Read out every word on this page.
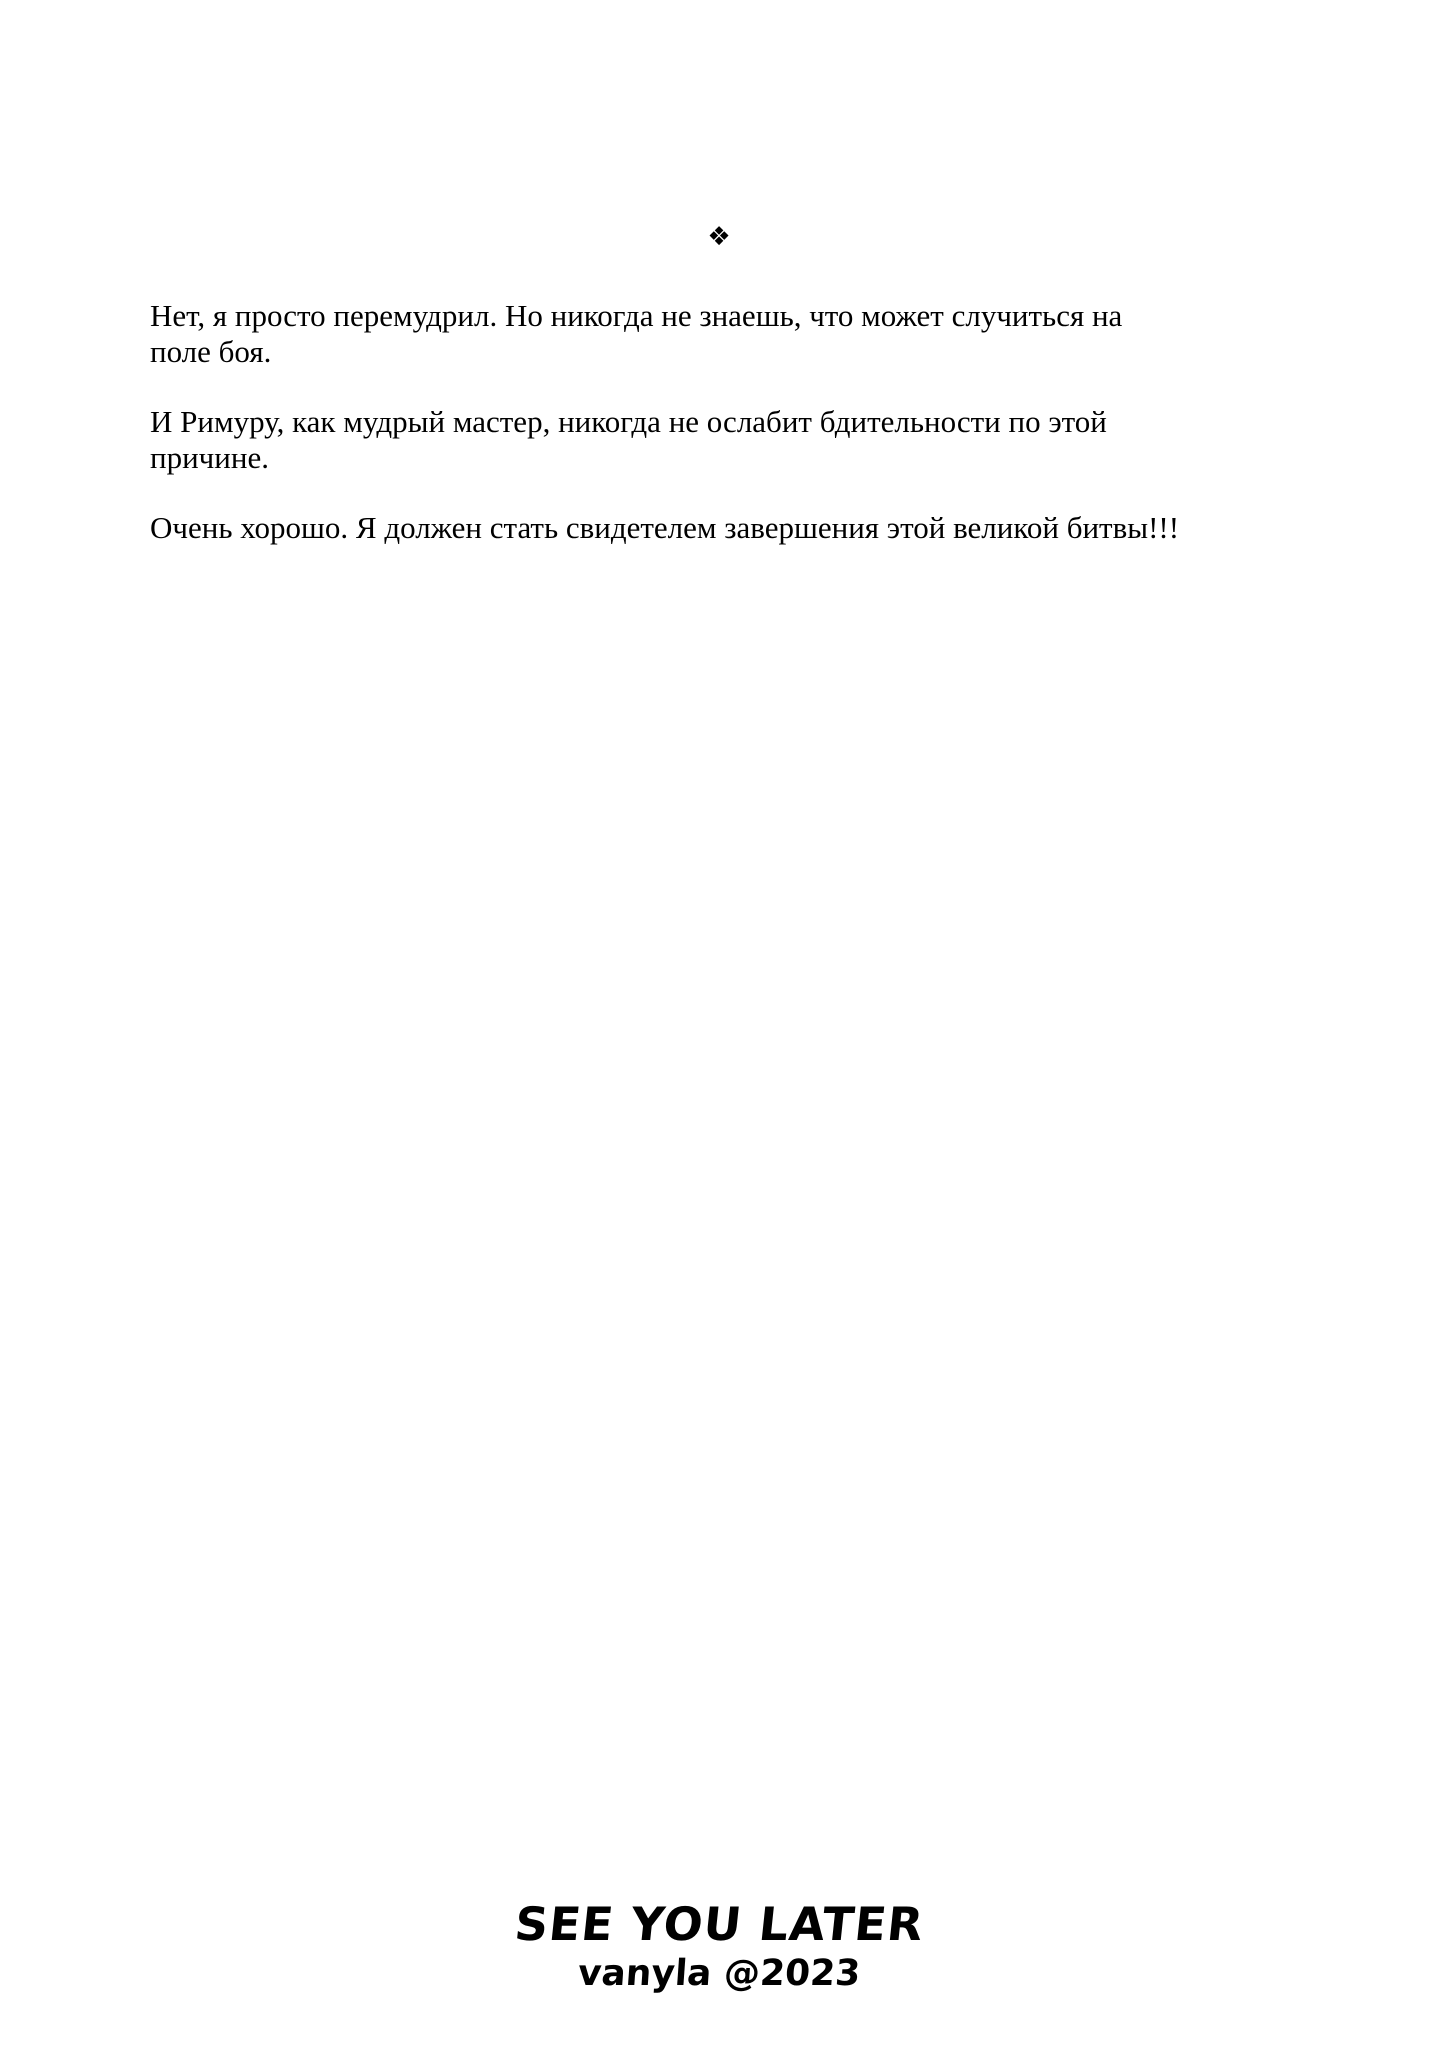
❖

Нет, я просто перемудрил. Но никогда не знаешь, что может случиться на
поле боя.

И Римуру, как мудрый мастер, никогда не ослабит бдительности по этой
причине.

Очень хорошо. Я должен стать свидетелем завершения этой великой битвы!!!

SEE YOU LATER
vanyla @2023
